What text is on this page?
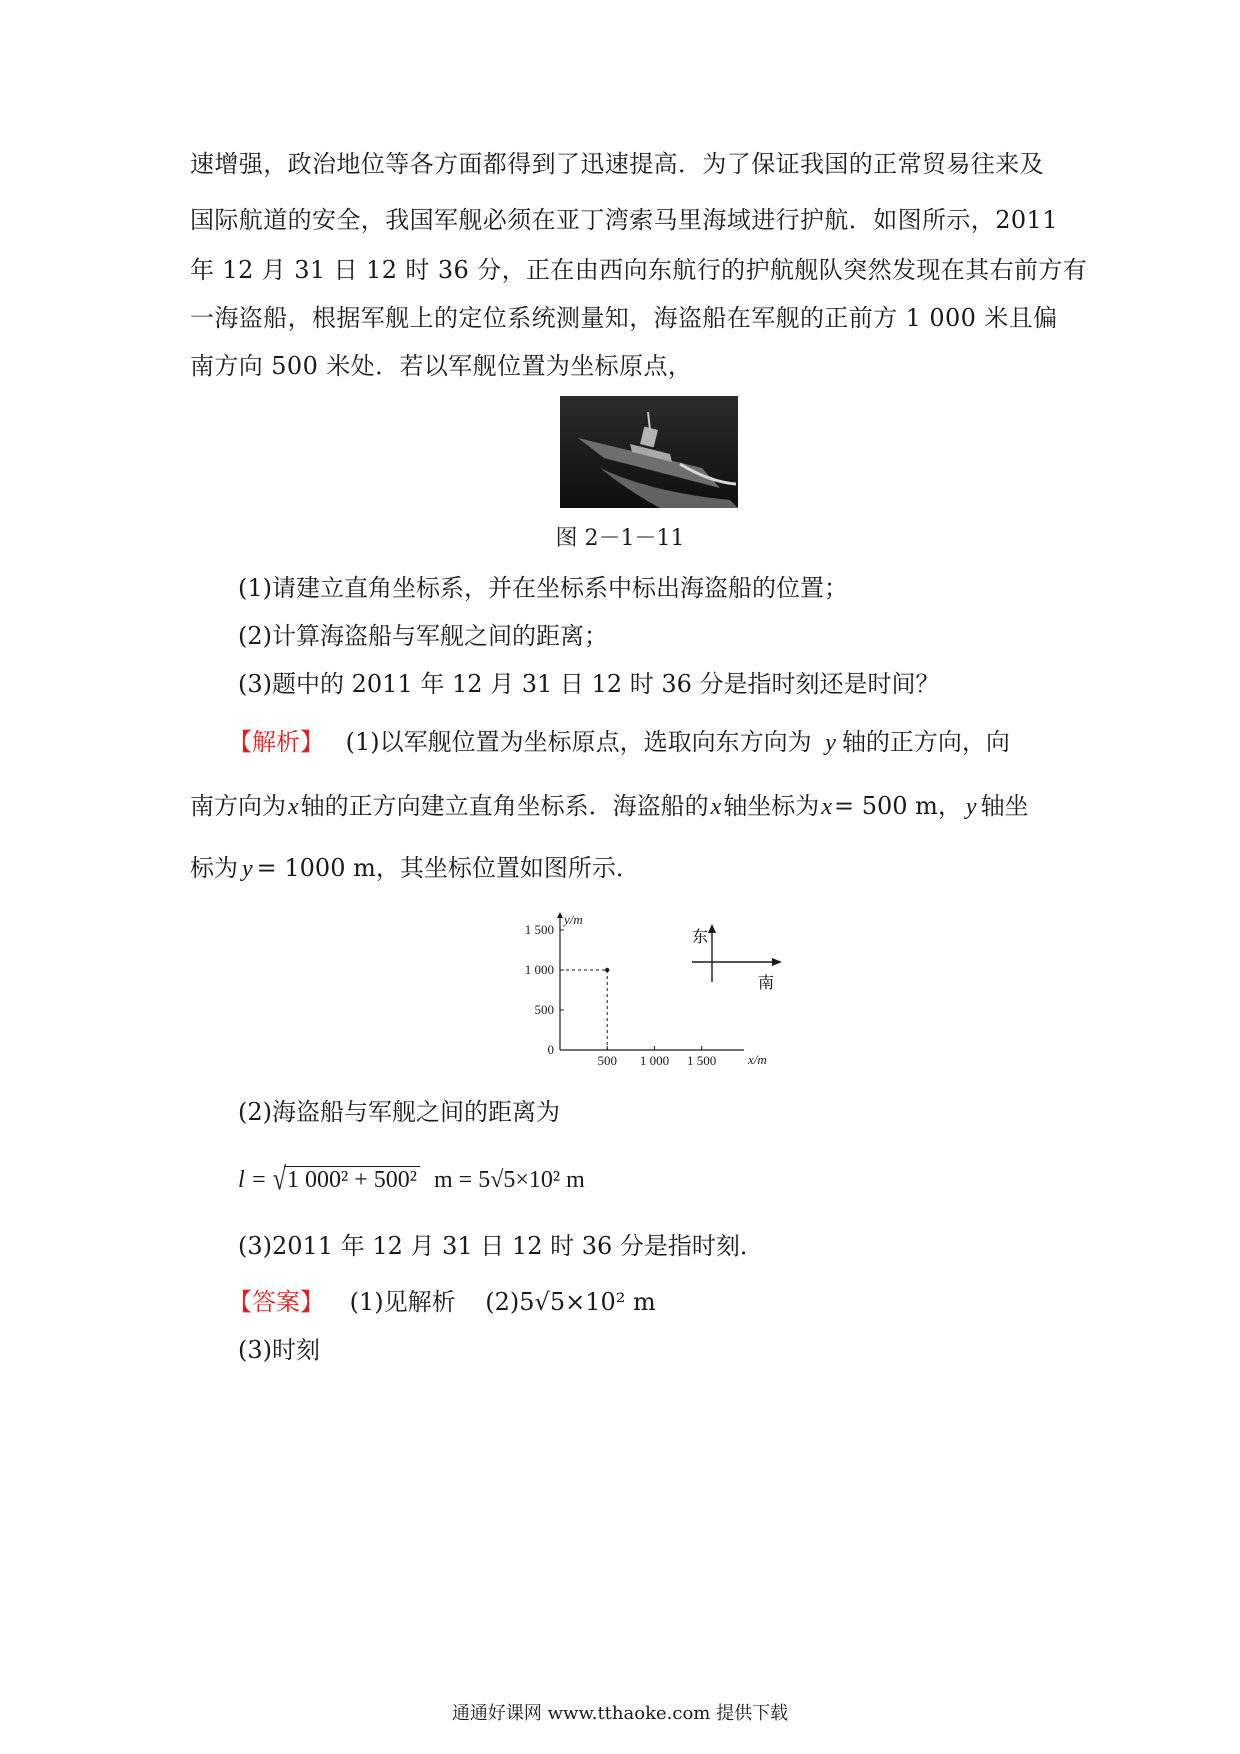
速增强，政治地位等各方面都得到了迅速提高．为了保证我国的正常贸易往来及
国际航道的安全，我国军舰必须在亚丁湾索马里海域进行护航．如图所示，2011
年 12 月 31 日 12 时 36 分，正在由西向东航行的护航舰队突然发现在其右前方有
一海盗船，根据军舰上的定位系统测量知，海盗船在军舰的正前方 1 000 米且偏
南方向 500 米处．若以军舰位置为坐标原点，
图 2－1－11
(1)请建立直角坐标系，并在坐标系中标出海盗船的位置；
(2)计算海盗船与军舰之间的距离；
(3)题中的 2011 年 12 月 31 日 12 时 36 分是指时刻还是时间？
【解析】 (1)以军舰位置为坐标原点，选取向东方向为 y 轴的正方向，向
南方向为x轴的正方向建立直角坐标系．海盗船的x轴坐标为x= 500 m， y 轴坐
标为 y = 1000 m，其坐标位置如图所示．
y/m
x/m
0
500
1 000
1 500
500 1 000 1 500
东
南
(2)海盗船与军舰之间的距离为
l = √1 000² + 500² m = 5√5×10² m
(3)2011 年 12 月 31 日 12 时 36 分是指时刻．
【答案】 (1)见解析 (2)5√5×10² m
(3)时刻
通通好课网 www.tthaoke.com 提供下载
